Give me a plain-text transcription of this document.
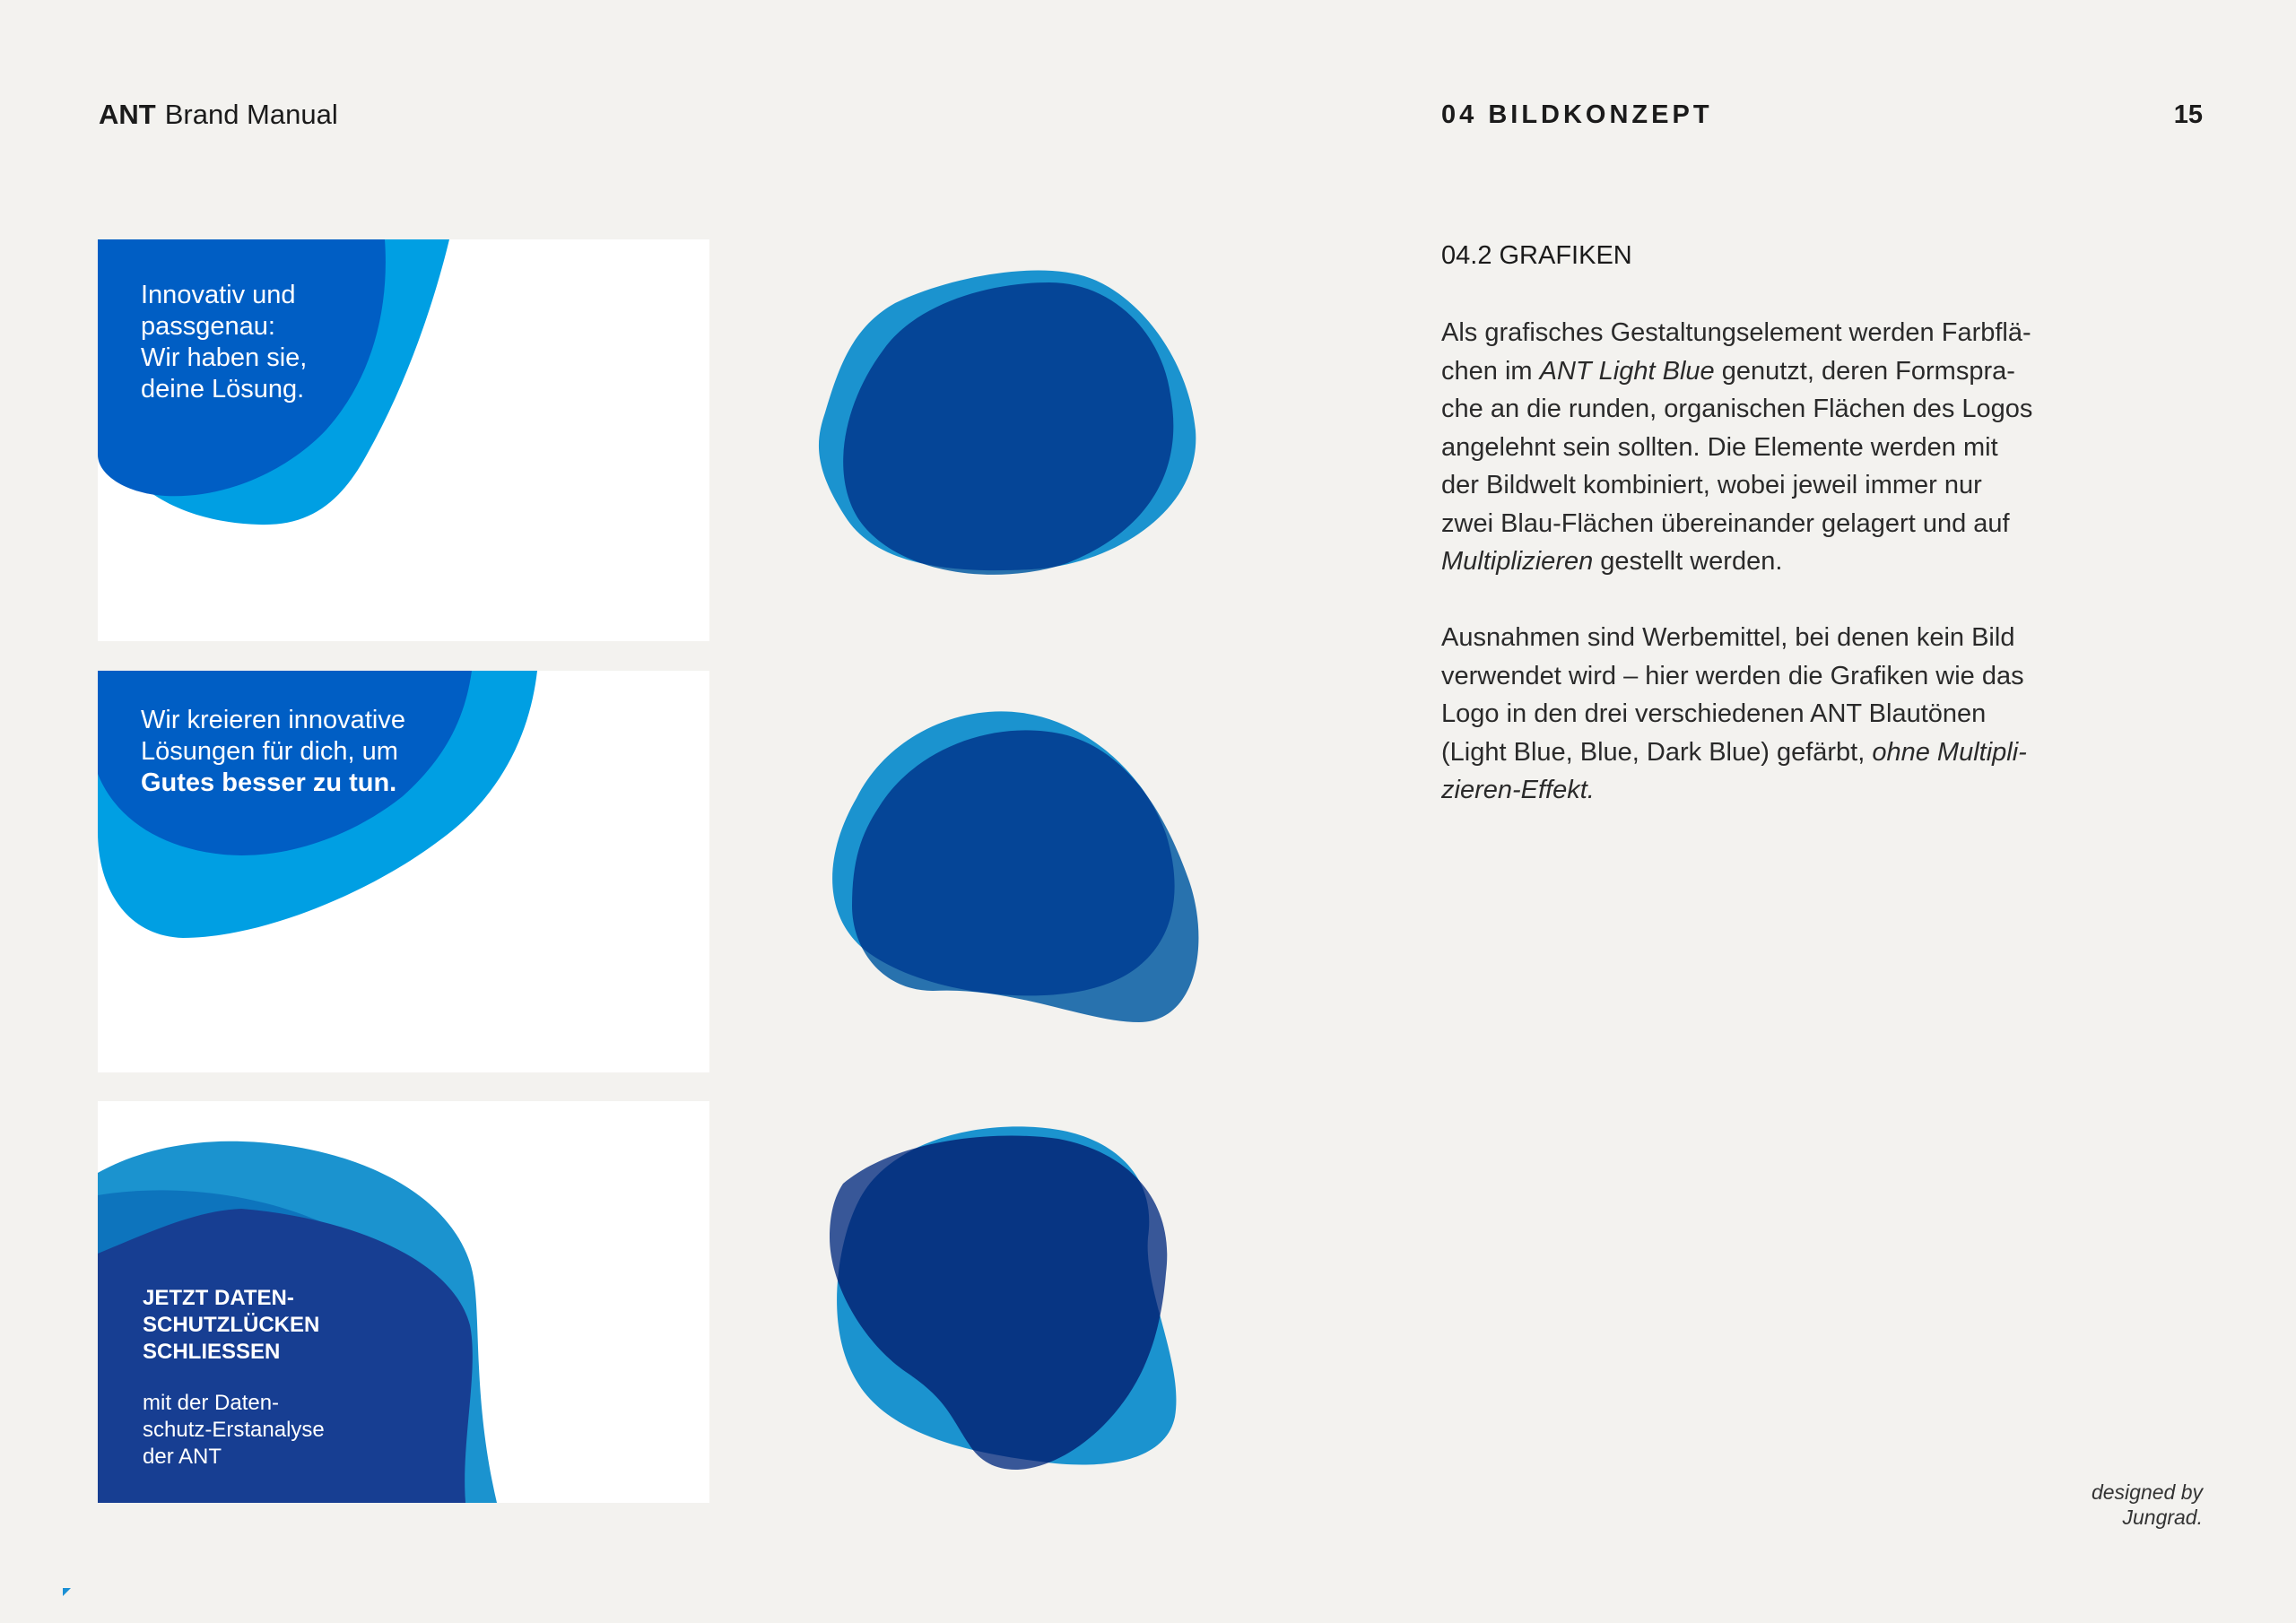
ANT Brand Manual	04 BILDKONZEPT	15
Innovativ und
passgenau:
Wir haben sie,
deine Lösung.
Wir kreieren innovative
Lösungen für dich, um
Gutes besser zu tun.
JETZT DATEN-
SCHUTZLÜCKEN
SCHLIESSEN
mit der Daten-
schutz-Erstanalyse
der ANT
04.2 GRAFIKEN
Als grafisches Gestaltungselement werden Farbflä-
chen im ANT Light Blue genutzt, deren Formspra-
che an die runden, organischen Flächen des Logos
angelehnt sein sollten. Die Elemente werden mit
der Bildwelt kombiniert, wobei jeweil immer nur
zwei Blau-Flächen übereinander gelagert und auf
Multiplizieren gestellt werden.
Ausnahmen sind Werbemittel, bei denen kein Bild
verwendet wird – hier werden die Grafiken wie das
Logo in den drei verschiedenen ANT Blautönen
(Light Blue, Blue, Dark Blue) gefärbt, ohne Multipli-
zieren-Effekt.
designed by
Jungrad.
